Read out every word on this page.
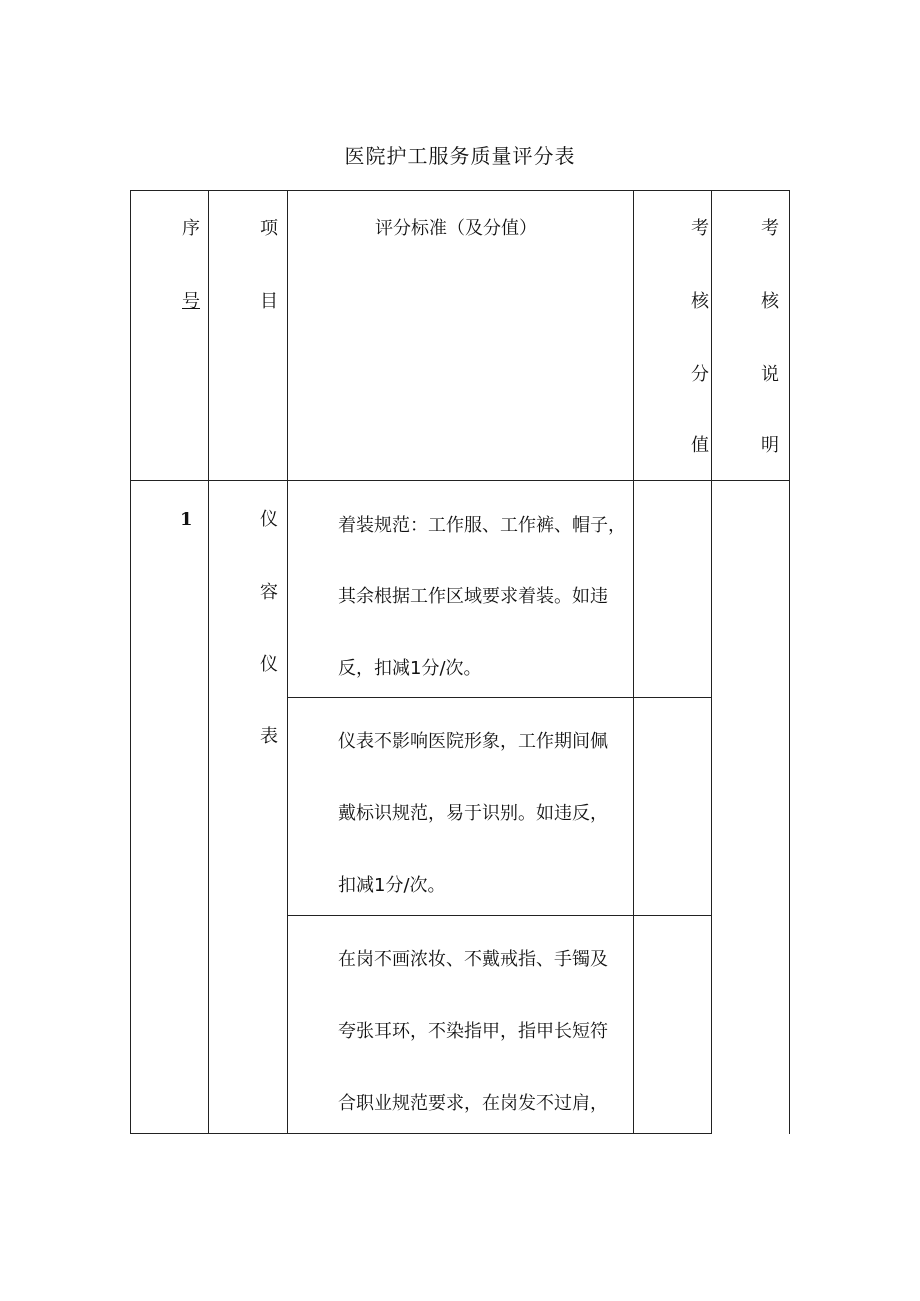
医院护工服务质量评分表
序
号
项
目
评分标准（及分值）	考
核
分
值
考
核
说
明
1	仪
容
仪
表
着装规范：工作服、工作裤、帽子，
其余根据工作区域要求着装。如违
反，扣减1分/次。
仪表不影响医院形象，工作期间佩
戴标识规范，易于识别。如违反，
扣减1分/次。
在岗不画浓妆、不戴戒指、手镯及
夸张耳环，不染指甲，指甲长短符
合职业规范要求，在岗发不过肩，
